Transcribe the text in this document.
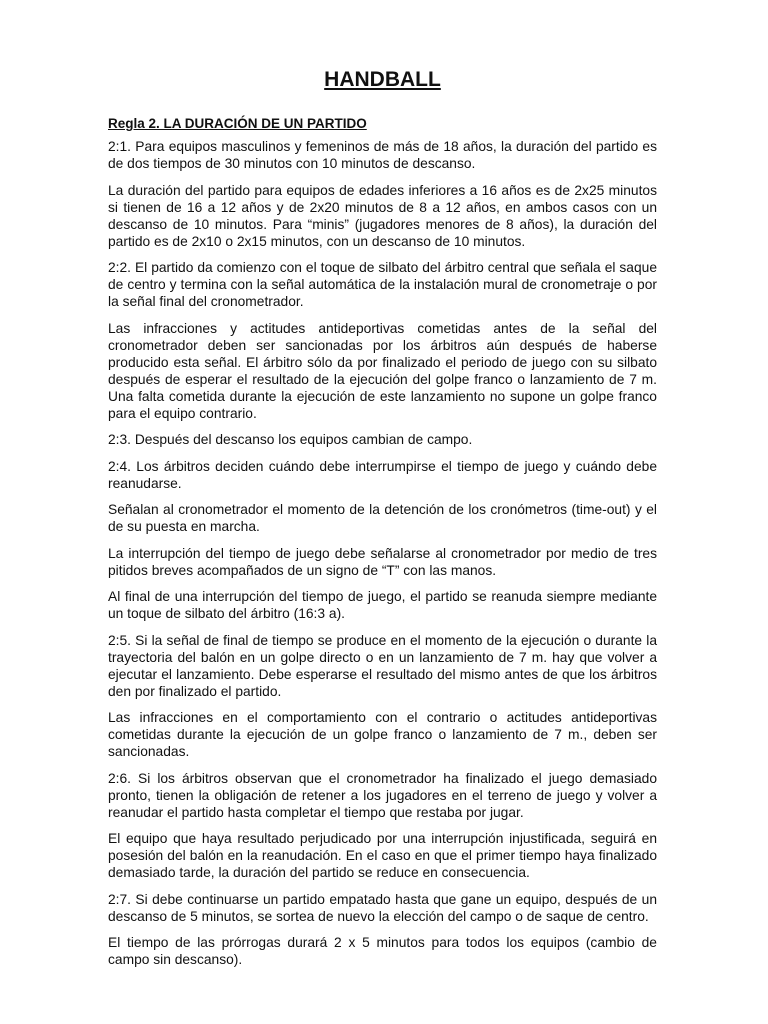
HANDBALL
Regla 2. LA DURACIÓN DE UN PARTIDO

2:1. Para equipos masculinos y femeninos de más de 18 años, la duración del partido es de dos tiempos de 30 minutos con 10 minutos de descanso.

La duración del partido para equipos de edades inferiores a 16 años es de 2x25 minutos si tienen de 16 a 12 años y de 2x20 minutos de 8 a 12 años, en ambos casos con un descanso de 10 minutos. Para “minis” (jugadores menores de 8 años), la duración del partido es de 2x10 o 2x15 minutos, con un descanso de 10 minutos.

2:2. El partido da comienzo con el toque de silbato del árbitro central que señala el saque de centro y termina con la señal automática de la instalación mural de cronometraje o por la señal final del cronometrador.

Las infracciones y actitudes antideportivas cometidas antes de la señal del cronometrador deben ser sancionadas por los árbitros aún después de haberse producido esta señal. El árbitro sólo da por finalizado el periodo de juego con su silbato después de esperar el resultado de la ejecución del golpe franco o lanzamiento de 7 m. Una falta cometida durante la ejecución de este lanzamiento no supone un golpe franco para el equipo contrario.

2:3. Después del descanso los equipos cambian de campo.

2:4. Los árbitros deciden cuándo debe interrumpirse el tiempo de juego y cuándo debe reanudarse.

Señalan al cronometrador el momento de la detención de los cronómetros (time-out) y el de su puesta en marcha.

La interrupción del tiempo de juego debe señalarse al cronometrador por medio de tres pitidos breves acompañados de un signo de “T” con las manos.

Al final de una interrupción del tiempo de juego, el partido se reanuda siempre mediante un toque de silbato del árbitro (16:3 a).

2:5. Si la señal de final de tiempo se produce en el momento de la ejecución o durante la trayectoria del balón en un golpe directo o en un lanzamiento de 7 m. hay que volver a ejecutar el lanzamiento. Debe esperarse el resultado del mismo antes de que los árbitros den por finalizado el partido.

Las infracciones en el comportamiento con el contrario o actitudes antideportivas cometidas durante la ejecución de un golpe franco o lanzamiento de 7 m., deben ser sancionadas.

2:6. Si los árbitros observan que el cronometrador ha finalizado el juego demasiado pronto, tienen la obligación de retener a los jugadores en el terreno de juego y volver a reanudar el partido hasta completar el tiempo que restaba por jugar.

El equipo que haya resultado perjudicado por una interrupción injustificada, seguirá en posesión del balón en la reanudación. En el caso en que el primer tiempo haya finalizado demasiado tarde, la duración del partido se reduce en consecuencia.

2:7. Si debe continuarse un partido empatado hasta que gane un equipo, después de un descanso de 5 minutos, se sortea de nuevo la elección del campo o de saque de centro.

El tiempo de las prórrogas durará 2 x 5 minutos para todos los equipos (cambio de campo sin descanso).
